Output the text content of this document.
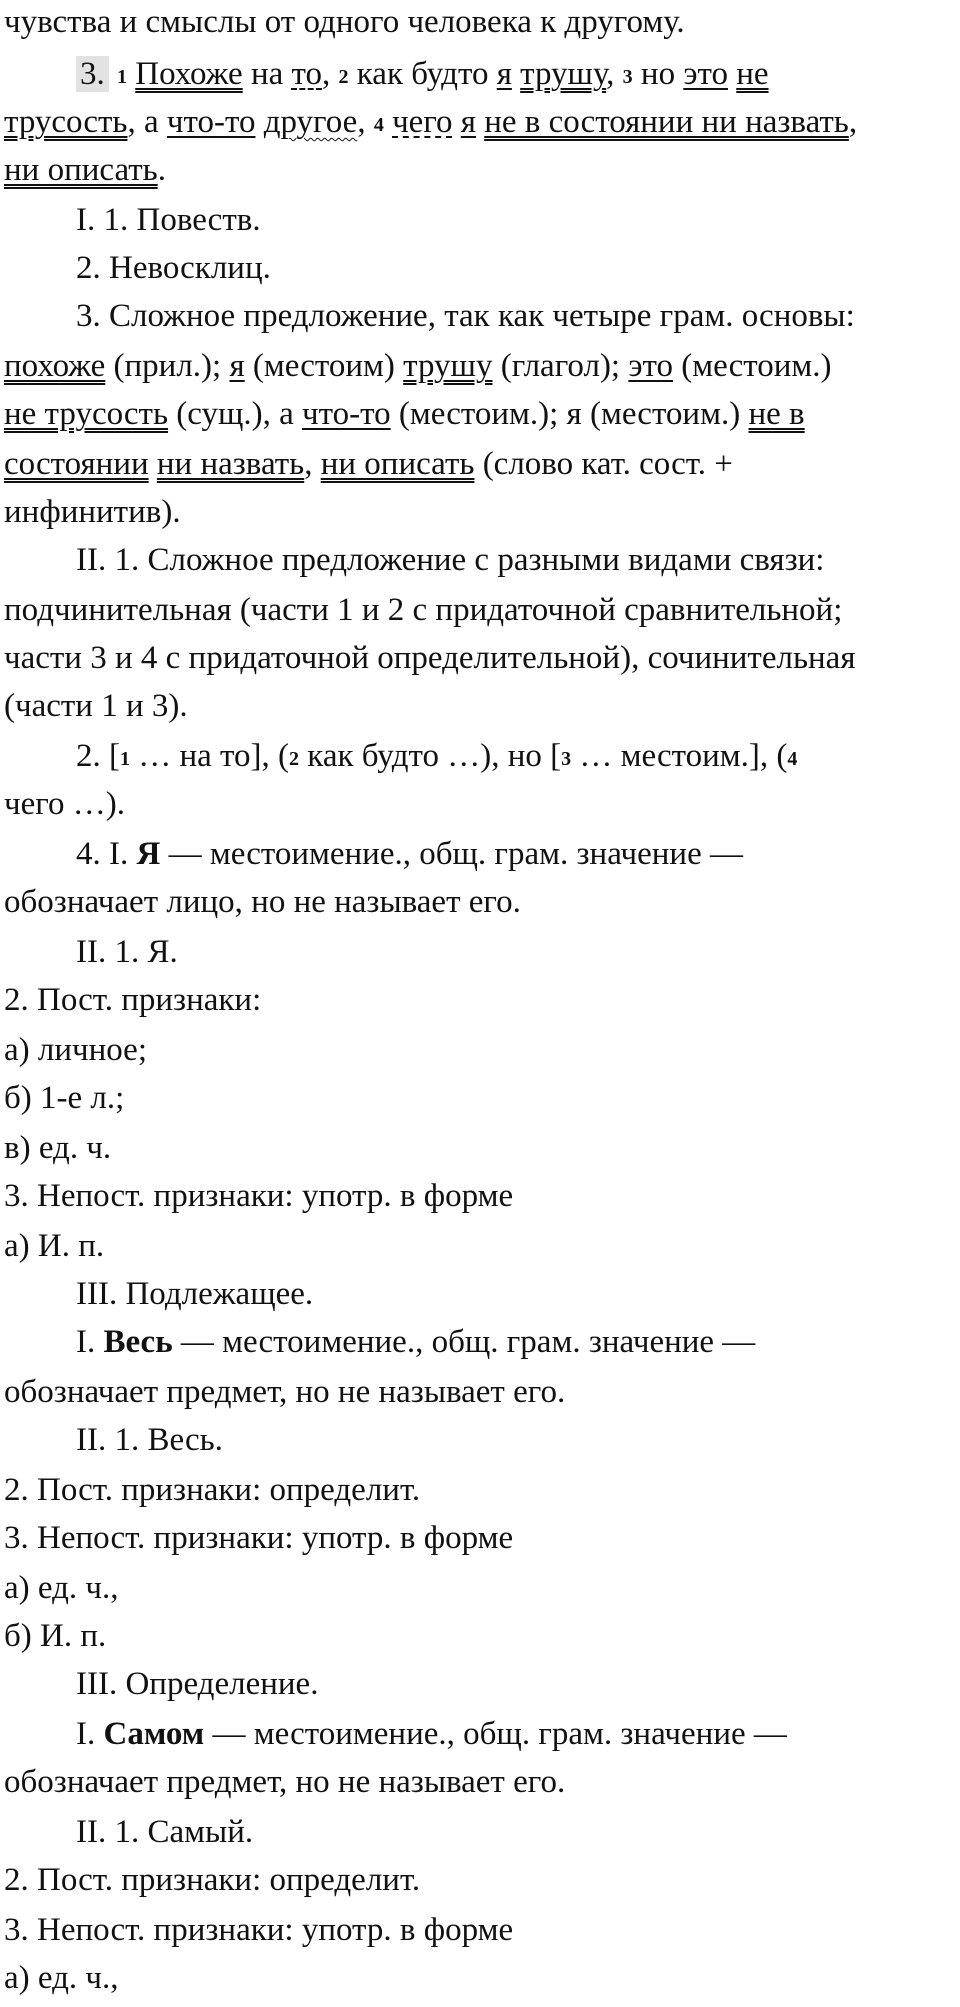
чувства и смыслы от одного человека к другому.
3. 1 Похоже на то, 2 как будто я трушу, 3 но это не
трусость, а что-то другое, 4 чего я не в состоянии ни назвать,
ни описать.
I. 1. Повеств.
2. Невосклиц.
3. Сложное предложение, так как четыре грам. основы:
похоже (прил.); я (местоим) трушу (глагол); это (местоим.)
не трусость (сущ.), а что-то (местоим.); я (местоим.) не в
состоянии ни назвать, ни описать (слово кат. сост. +
инфинитив).
II. 1. Сложное предложение с разными видами связи:
подчинительная (части 1 и 2 с придаточной сравнительной;
части 3 и 4 с придаточной определительной), сочинительная
(части 1 и 3).
2. [1 … на то], (2 как будто …), но [3 … местоим.], (4
чего …).
4. I. Я — местоимение., общ. грам. значение —
обозначает лицо, но не называет его.
II. 1. Я.
2. Пост. признаки:
а) личное;
б) 1-е л.;
в) ед. ч.
3. Непост. признаки: употр. в форме
а) И. п.
III. Подлежащее.
I. Весь — местоимение., общ. грам. значение —
обозначает предмет, но не называет его.
II. 1. Весь.
2. Пост. признаки: определит.
3. Непост. признаки: употр. в форме
а) ед. ч.,
б) И. п.
III. Определение.
I. Самом — местоимение., общ. грам. значение —
обозначает предмет, но не называет его.
II. 1. Самый.
2. Пост. признаки: определит.
3. Непост. признаки: употр. в форме
а) ед. ч.,
